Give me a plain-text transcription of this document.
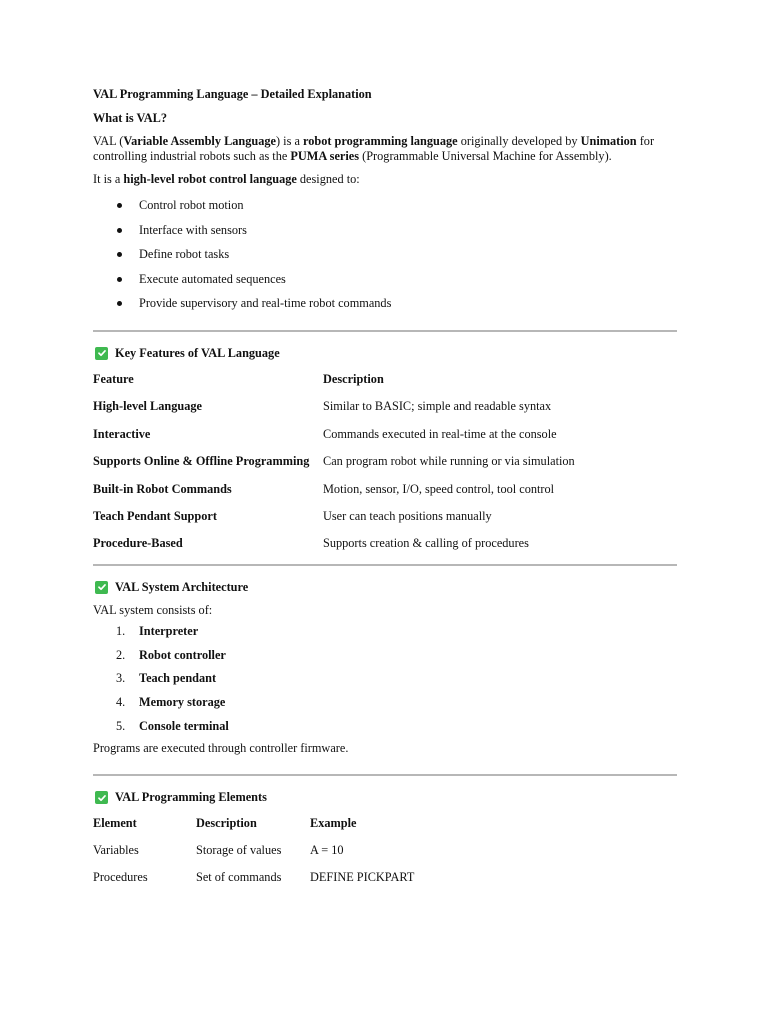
VAL Programming Language – Detailed Explanation

What is VAL?

VAL (Variable Assembly Language) is a robot programming language originally developed by Unimation for controlling industrial robots such as the PUMA series (Programmable Universal Machine for Assembly).

It is a high-level robot control language designed to:

Control robot motion
Interface with sensors
Define robot tasks
Execute automated sequences
Provide supervisory and real-time robot commands
Key Features of VAL Language
Feature	Description
High-level Language	Similar to BASIC; simple and readable syntax
Interactive	Commands executed in real-time at the console
Supports Online & Offline Programming	Can program robot while running or via simulation
Built-in Robot Commands	Motion, sensor, I/O, speed control, tool control
Teach Pendant Support	User can teach positions manually
Procedure-Based	Supports creation & calling of procedures
VAL System Architecture

VAL system consists of:

1. Interpreter
2. Robot controller
3. Teach pendant
4. Memory storage
5. Console terminal

Programs are executed through controller firmware.

VAL Programming Elements
Element	Description	Example
Variables	Storage of values	A = 10
Procedures	Set of commands	DEFINE PICKPART
